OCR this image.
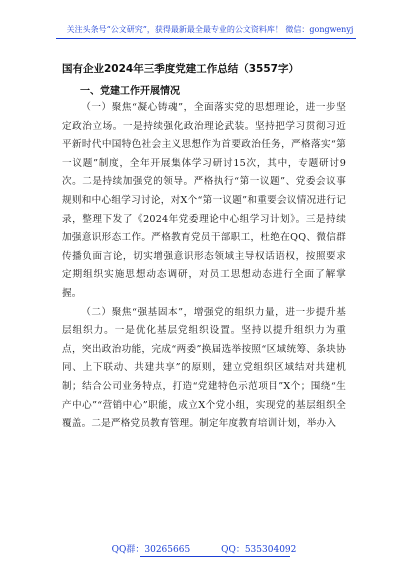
关注头条号“公文研究”，获得最新最全最专业的公文资料库！ 微信：gongwenyj
国有企业2024年三季度党建工作总结（3557字）
一、党建工作开展情况

（一）聚焦“凝心铸魂”，全面落实党的思想理论，进一步坚定政治立场。一是持续强化政治理论武装。坚持把学习贯彻习近平新时代中国特色社会主义思想作为首要政治任务，严格落实“第一议题”制度，全年开展集体学习研讨15次，其中，专题研讨9次。二是持续加强党的领导。严格执行“第一议题”、党委会议事规则和中心组学习讨论，对X个“第一议题”和重要会议情况进行记录，整理下发了《2024年党委理论中心组学习计划》。三是持续加强意识形态工作。严格教育党员干部职工，杜绝在QQ、微信群传播负面言论，切实增强意识形态领域主导权话语权，按照要求定期组织实施思想动态调研，对员工思想动态进行全面了解掌握。

（二）聚焦“强基固本”，增强党的组织力量，进一步提升基层组织力。一是优化基层党组织设置。坚持以提升组织力为重点，突出政治功能，完成“两委”换届选举按照“区域统筹、条块协同、上下联动、共建共享”的原则，建立党组织区域结对共建机制；结合公司业务特点，打造“党建特色示范项目”X个；围绕“生产中心”“营销中心”职能，成立X个党小组，实现党的基层组织全覆盖。二是严格党员教育管理。制定年度教育培训计划，举办入

QQ群：30265665	QQ：535304092
